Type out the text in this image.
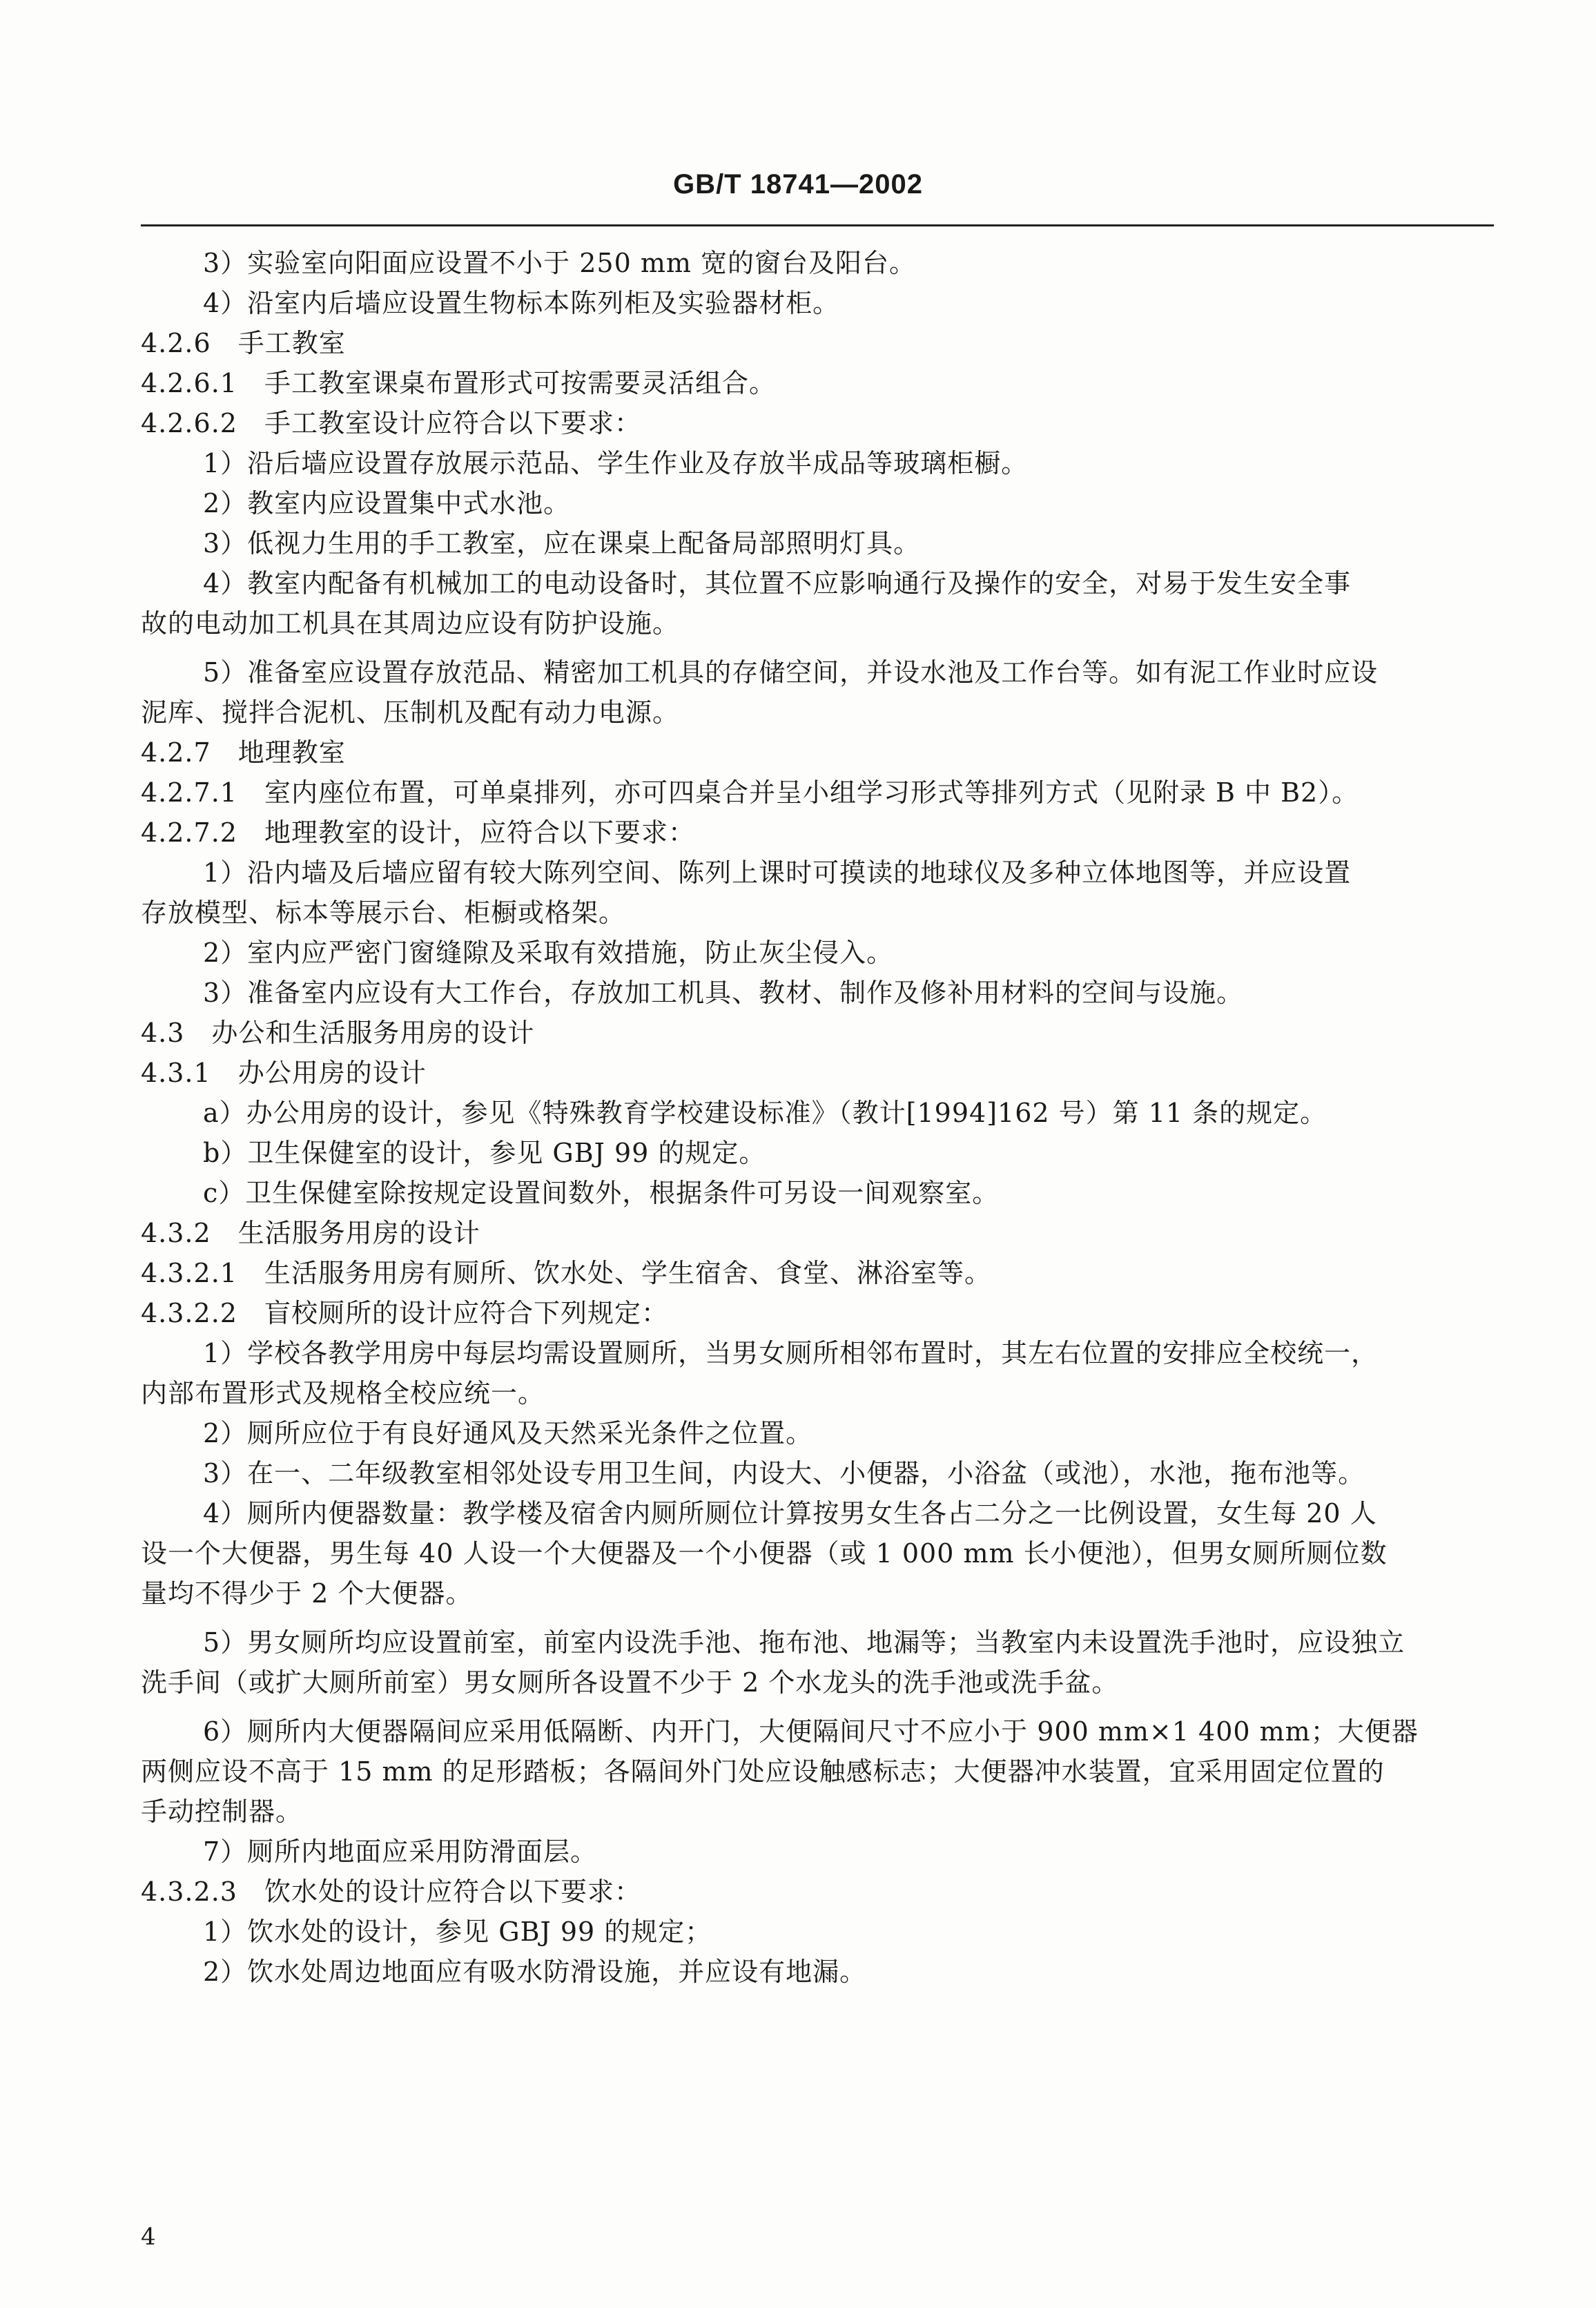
GB/T 18741—2002
3）实验室向阳面应设置不小于 250 mm 宽的窗台及阳台。
4）沿室内后墙应设置生物标本陈列柜及实验器材柜。
4.2.6　手工教室
4.2.6.1　手工教室课桌布置形式可按需要灵活组合。
4.2.6.2　手工教室设计应符合以下要求：
1）沿后墙应设置存放展示范品、学生作业及存放半成品等玻璃柜橱。
2）教室内应设置集中式水池。
3）低视力生用的手工教室，应在课桌上配备局部照明灯具。
4）教室内配备有机械加工的电动设备时，其位置不应影响通行及操作的安全，对易于发生安全事
故的电动加工机具在其周边应设有防护设施。
5）准备室应设置存放范品、精密加工机具的存储空间，并设水池及工作台等。如有泥工作业时应设
泥库、搅拌合泥机、压制机及配有动力电源。
4.2.7　地理教室
4.2.7.1　室内座位布置，可单桌排列，亦可四桌合并呈小组学习形式等排列方式（见附录 B 中 B2）。
4.2.7.2　地理教室的设计，应符合以下要求：
1）沿内墙及后墙应留有较大陈列空间、陈列上课时可摸读的地球仪及多种立体地图等，并应设置
存放模型、标本等展示台、柜橱或格架。
2）室内应严密门窗缝隙及采取有效措施，防止灰尘侵入。
3）准备室内应设有大工作台，存放加工机具、教材、制作及修补用材料的空间与设施。
4.3　办公和生活服务用房的设计
4.3.1　办公用房的设计
a）办公用房的设计，参见《特殊教育学校建设标准》（教计[1994]162 号）第 11 条的规定。
b）卫生保健室的设计，参见 GBJ 99 的规定。
c）卫生保健室除按规定设置间数外，根据条件可另设一间观察室。
4.3.2　生活服务用房的设计
4.3.2.1　生活服务用房有厕所、饮水处、学生宿舍、食堂、淋浴室等。
4.3.2.2　盲校厕所的设计应符合下列规定：
1）学校各教学用房中每层均需设置厕所，当男女厕所相邻布置时，其左右位置的安排应全校统一，
内部布置形式及规格全校应统一。
2）厕所应位于有良好通风及天然采光条件之位置。
3）在一、二年级教室相邻处设专用卫生间，内设大、小便器，小浴盆（或池），水池，拖布池等。
4）厕所内便器数量：教学楼及宿舍内厕所厕位计算按男女生各占二分之一比例设置，女生每 20 人
设一个大便器，男生每 40 人设一个大便器及一个小便器（或 1 000 mm 长小便池），但男女厕所厕位数
量均不得少于 2 个大便器。
5）男女厕所均应设置前室，前室内设洗手池、拖布池、地漏等；当教室内未设置洗手池时，应设独立
洗手间（或扩大厕所前室）男女厕所各设置不少于 2 个水龙头的洗手池或洗手盆。
6）厕所内大便器隔间应采用低隔断、内开门，大便隔间尺寸不应小于 900 mm×1 400 mm；大便器
两侧应设不高于 15 mm 的足形踏板；各隔间外门处应设触感标志；大便器冲水装置，宜采用固定位置的
手动控制器。
7）厕所内地面应采用防滑面层。
4.3.2.3　饮水处的设计应符合以下要求：
1）饮水处的设计，参见 GBJ 99 的规定；
2）饮水处周边地面应有吸水防滑设施，并应设有地漏。
4
